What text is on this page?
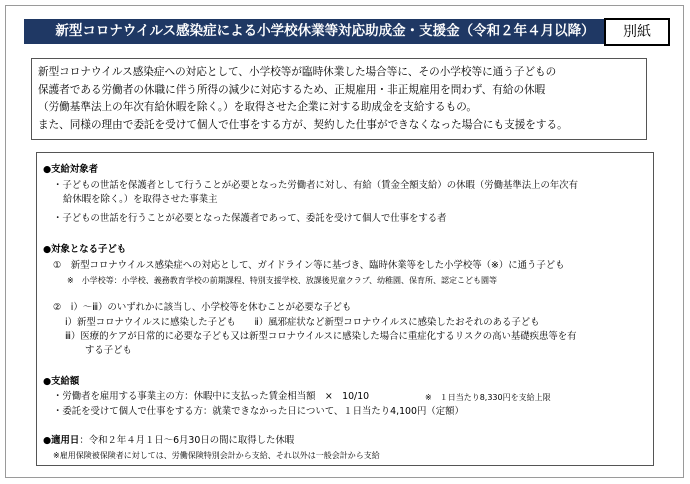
新型コロナウイルス感染症による小学校休業等対応助成金・支援金（令和２年４月以降）	別紙
新型コロナウイルス感染症への対応として、小学校等が臨時休業した場合等に、その小学校等に通う子どもの
保護者である労働者の休職に伴う所得の減少に対応するため、正規雇用・非正規雇用を問わず、有給の休暇
（労働基準法上の年次有給休暇を除く。）を取得させた企業に対する助成金を支給するもの。
また、同様の理由で委託を受けて個人で仕事をする方が、契約した仕事ができなくなった場合にも支援をする。
●支給対象者
・子どもの世話を保護者として行うことが必要となった労働者に対し、有給（賃金全額支給）の休暇（労働基準法上の年次有
給休暇を除く。）を取得させた事業主
・子どもの世話を行うことが必要となった保護者であって、委託を受けて個人で仕事をする者
●対象となる子ども
①　新型コロナウイルス感染症への対応として、ガイドライン等に基づき、臨時休業等をした小学校等（※）に通う子ども
※　小学校等：小学校、義務教育学校の前期課程、特別支援学校、放課後児童クラブ、幼稚園、保育所、認定こども園等
②　ⅰ）～ⅲ）のいずれかに該当し、小学校等を休むことが必要な子ども
ⅰ）新型コロナウイルスに感染した子ども　　ⅱ）風邪症状など新型コロナウイルスに感染したおそれのある子ども
ⅲ）医療的ケアが日常的に必要な子ども又は新型コロナウイルスに感染した場合に重症化するリスクの高い基礎疾患等を有
する子ども
●支給額
・労働者を雇用する事業主の方：休暇中に支払った賃金相当額　×　10/10	※　１日当たり8,330円を支給上限
・委託を受けて個人で仕事をする方：就業できなかった日について、１日当たり4,100円（定額）
●適用日：令和２年４月１日～6月30日の間に取得した休暇
※雇用保険被保険者に対しては、労働保険特別会計から支給、それ以外は一般会計から支給
